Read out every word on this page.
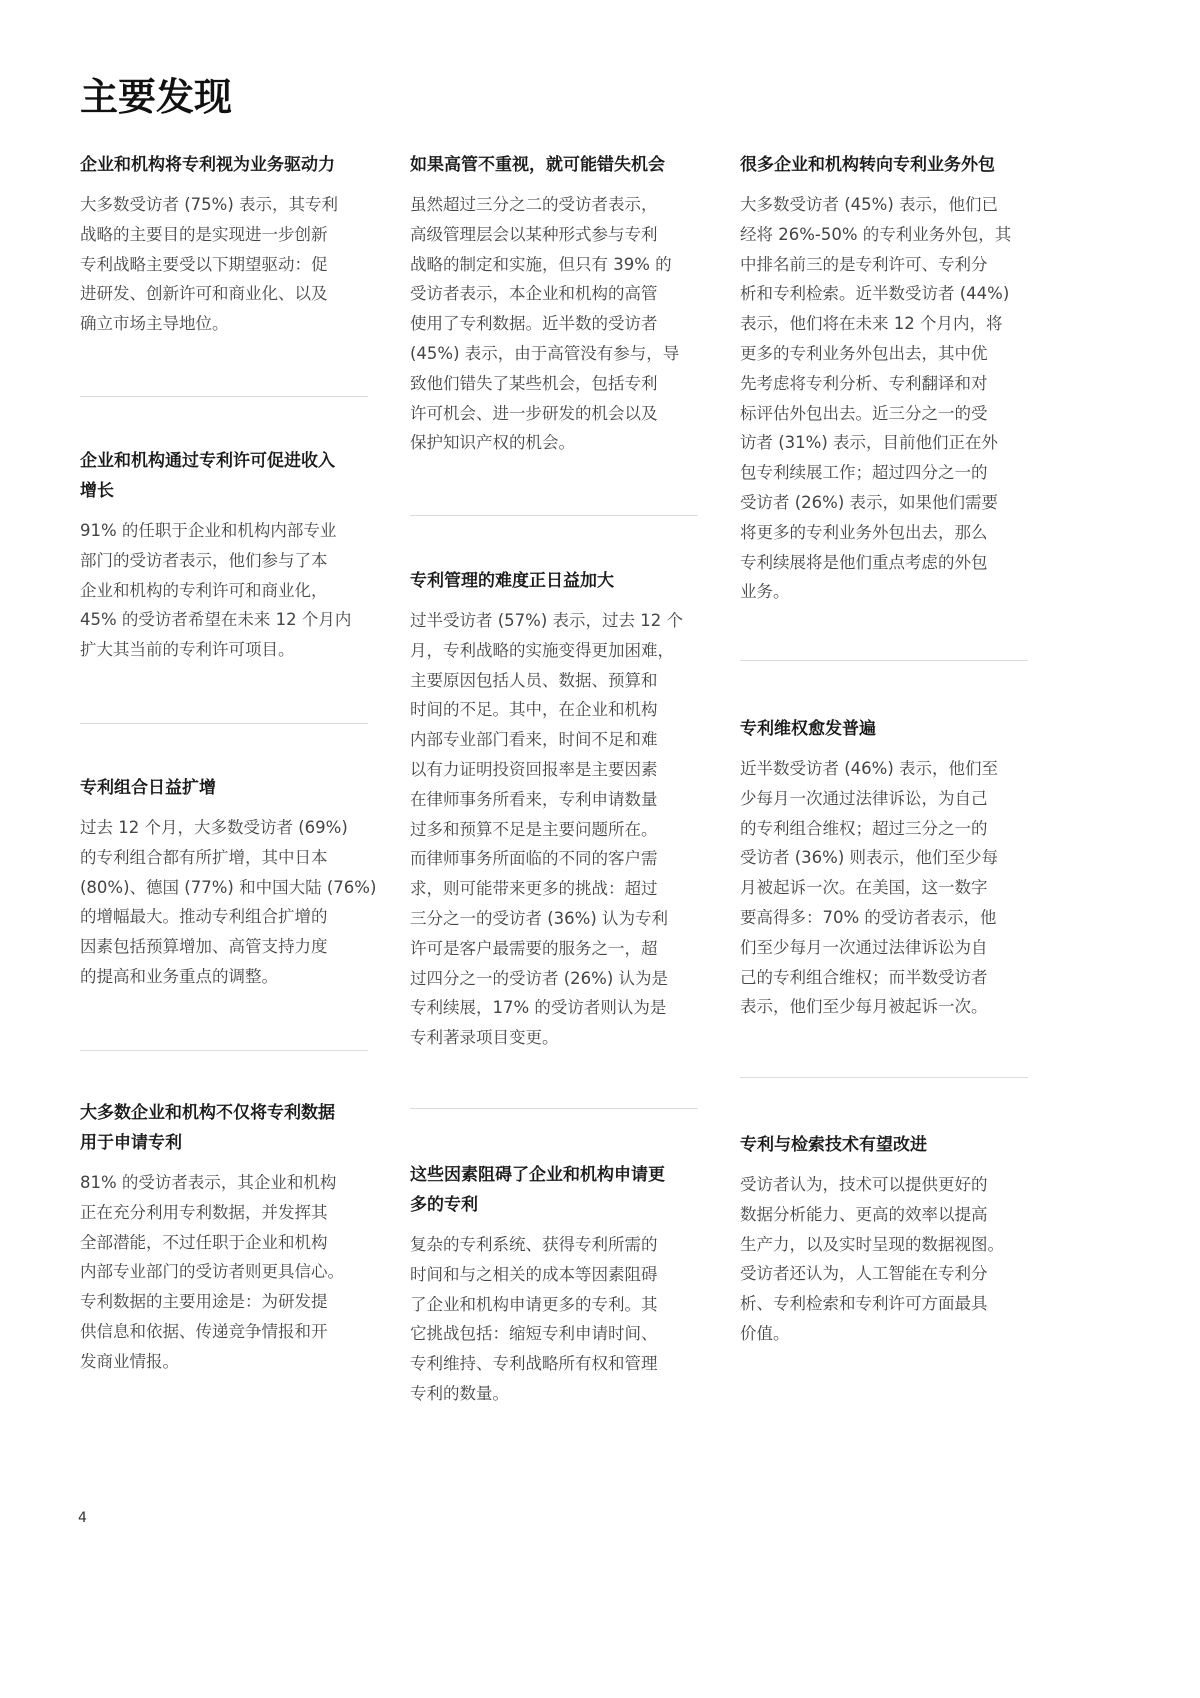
主要发现
企业和机构将专利视为业务驱动力
大多数受访者 (75%) 表示，其专利
战略的主要目的是实现进一步创新
专利战略主要受以下期望驱动：促
进研发、创新许可和商业化、以及
确立市场主导地位。
企业和机构通过专利许可促进收入
增长
91% 的任职于企业和机构内部专业
部门的受访者表示，他们参与了本
企业和机构的专利许可和商业化，
45% 的受访者希望在未来 12 个月内
扩大其当前的专利许可项目。
专利组合日益扩增
过去 12 个月，大多数受访者 (69%)
的专利组合都有所扩增，其中日本
(80%)、德国 (77%) 和中国大陆 (76%)
的增幅最大。推动专利组合扩增的
因素包括预算增加、高管支持力度
的提高和业务重点的调整。
大多数企业和机构不仅将专利数据
用于申请专利
81% 的受访者表示，其企业和机构
正在充分利用专利数据，并发挥其
全部潜能，不过任职于企业和机构
内部专业部门的受访者则更具信心。
专利数据的主要用途是：为研发提
供信息和依据、传递竞争情报和开
发商业情报。
如果高管不重视，就可能错失机会
虽然超过三分之二的受访者表示，
高级管理层会以某种形式参与专利
战略的制定和实施，但只有 39% 的
受访者表示，本企业和机构的高管
使用了专利数据。近半数的受访者
(45%) 表示，由于高管没有参与，导
致他们错失了某些机会，包括专利
许可机会、进一步研发的机会以及
保护知识产权的机会。
专利管理的难度正日益加大
过半受访者 (57%) 表示，过去 12 个
月，专利战略的实施变得更加困难，
主要原因包括人员、数据、预算和
时间的不足。其中，在企业和机构
内部专业部门看来，时间不足和难
以有力证明投资回报率是主要因素
在律师事务所看来，专利申请数量
过多和预算不足是主要问题所在。
而律师事务所面临的不同的客户需
求，则可能带来更多的挑战：超过
三分之一的受访者 (36%) 认为专利
许可是客户最需要的服务之一，超
过四分之一的受访者 (26%) 认为是
专利续展，17% 的受访者则认为是
专利著录项目变更。
这些因素阻碍了企业和机构申请更
多的专利
复杂的专利系统、获得专利所需的
时间和与之相关的成本等因素阻碍
了企业和机构申请更多的专利。其
它挑战包括：缩短专利申请时间、
专利维持、专利战略所有权和管理
专利的数量。
很多企业和机构转向专利业务外包
大多数受访者 (45%) 表示，他们已
经将 26%-50% 的专利业务外包，其
中排名前三的是专利许可、专利分
析和专利检索。近半数受访者 (44%)
表示，他们将在未来 12 个月内，将
更多的专利业务外包出去，其中优
先考虑将专利分析、专利翻译和对
标评估外包出去。近三分之一的受
访者 (31%) 表示，目前他们正在外
包专利续展工作；超过四分之一的
受访者 (26%) 表示，如果他们需要
将更多的专利业务外包出去，那么
专利续展将是他们重点考虑的外包
业务。
专利维权愈发普遍
近半数受访者 (46%) 表示，他们至
少每月一次通过法律诉讼，为自己
的专利组合维权；超过三分之一的
受访者 (36%) 则表示，他们至少每
月被起诉一次。在美国，这一数字
要高得多：70% 的受访者表示，他
们至少每月一次通过法律诉讼为自
己的专利组合维权；而半数受访者
表示，他们至少每月被起诉一次。
专利与检索技术有望改进
受访者认为，技术可以提供更好的
数据分析能力、更高的效率以提高
生产力，以及实时呈现的数据视图。
受访者还认为，人工智能在专利分
析、专利检索和专利许可方面最具
价值。
4
